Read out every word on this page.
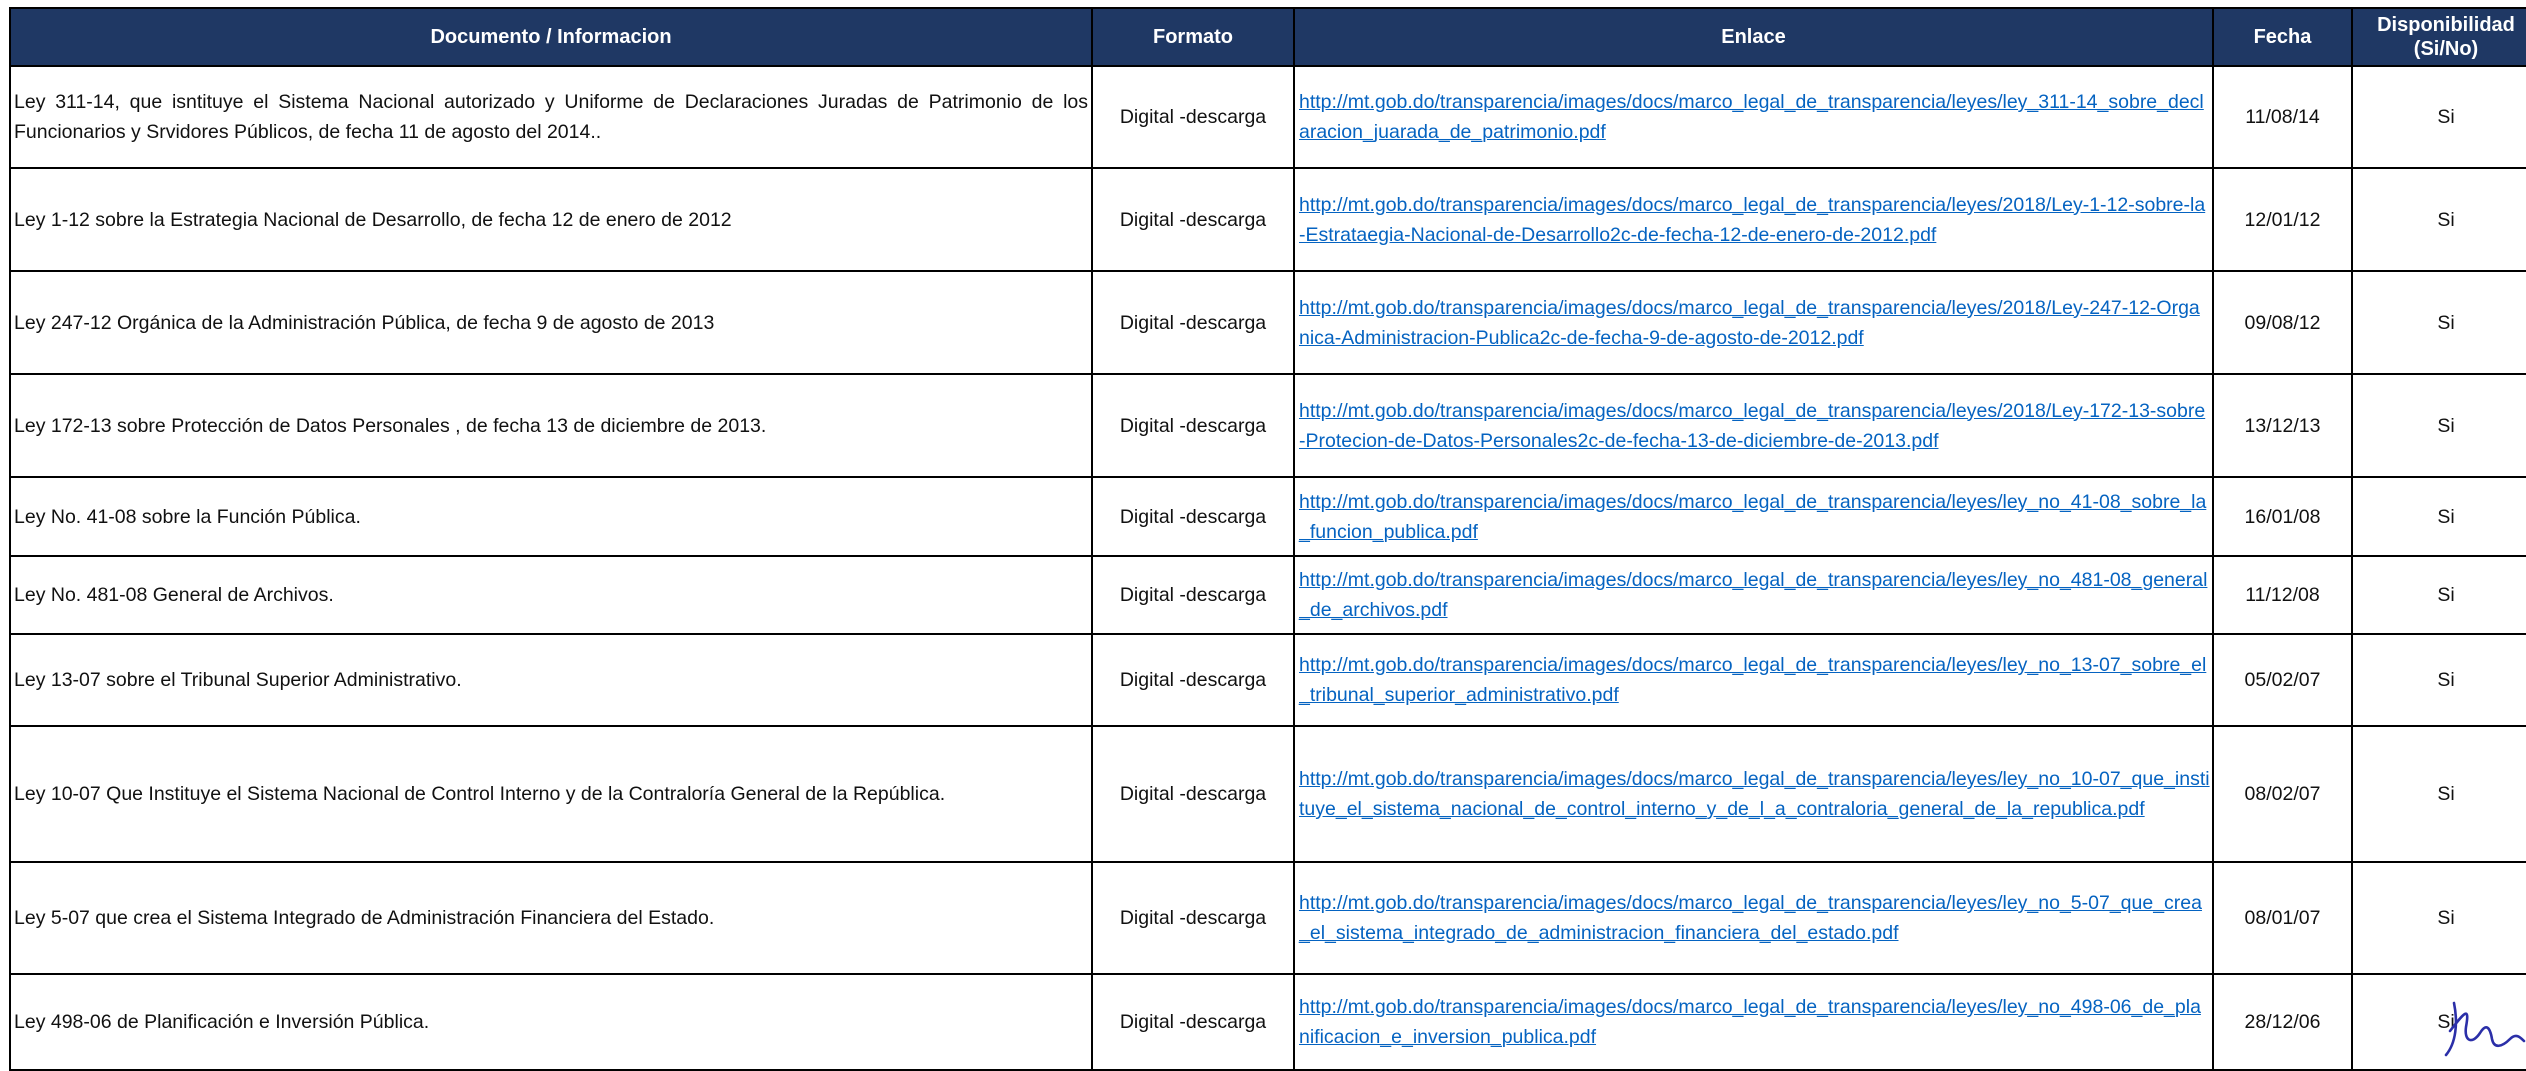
Documento / Informacion	Formato	Enlace	Fecha	Disponibilidad (Si/No)
Ley 311-14, que isntituye el Sistema Nacional autorizado y Uniforme de Declaraciones Juradas de Patrimonio de los Funcionarios y Srvidores Públicos, de fecha 11 de agosto del 2014..	Digital -descarga	http://mt.gob.do/transparencia/images/docs/marco_legal_de_transparencia/leyes/ley_311-14_sobre_declaracion_juarada_de_patrimonio.pdf	11/08/14	Si
Ley 1-12 sobre la Estrategia Nacional de Desarrollo, de fecha 12 de enero de 2012	Digital -descarga	http://mt.gob.do/transparencia/images/docs/marco_legal_de_transparencia/leyes/2018/Ley-1-12-sobre-la-Estrataegia-Nacional-de-Desarrollo2c-de-fecha-12-de-enero-de-2012.pdf	12/01/12	Si
Ley 247-12 Orgánica de la Administración Pública, de fecha 9 de agosto de 2013	Digital -descarga	http://mt.gob.do/transparencia/images/docs/marco_legal_de_transparencia/leyes/2018/Ley-247-12-Organica-Administracion-Publica2c-de-fecha-9-de-agosto-de-2012.pdf	09/08/12	Si
Ley 172-13 sobre Protección de Datos Personales , de fecha 13 de diciembre de 2013.	Digital -descarga	http://mt.gob.do/transparencia/images/docs/marco_legal_de_transparencia/leyes/2018/Ley-172-13-sobre-Protecion-de-Datos-Personales2c-de-fecha-13-de-diciembre-de-2013.pdf	13/12/13	Si
Ley No. 41-08 sobre la Función Pública.	Digital -descarga	http://mt.gob.do/transparencia/images/docs/marco_legal_de_transparencia/leyes/ley_no_41-08_sobre_la_funcion_publica.pdf	16/01/08	Si
Ley No. 481-08 General de Archivos.	Digital -descarga	http://mt.gob.do/transparencia/images/docs/marco_legal_de_transparencia/leyes/ley_no_481-08_general_de_archivos.pdf	11/12/08	Si
Ley 13-07 sobre el Tribunal Superior Administrativo.	Digital -descarga	http://mt.gob.do/transparencia/images/docs/marco_legal_de_transparencia/leyes/ley_no_13-07_sobre_el_tribunal_superior_administrativo.pdf	05/02/07	Si
Ley 10-07 Que Instituye el Sistema Nacional de Control Interno y de la Contraloría General de la República.	Digital -descarga	http://mt.gob.do/transparencia/images/docs/marco_legal_de_transparencia/leyes/ley_no_10-07_que_instituye_el_sistema_nacional_de_control_interno_y_de_l_a_contraloria_general_de_la_republica.pdf	08/02/07	Si
Ley 5-07 que crea el Sistema Integrado de Administración Financiera del Estado.	Digital -descarga	http://mt.gob.do/transparencia/images/docs/marco_legal_de_transparencia/leyes/ley_no_5-07_que_crea_el_sistema_integrado_de_administracion_financiera_del_estado.pdf	08/01/07	Si
Ley 498-06 de Planificación e Inversión Pública.	Digital -descarga	http://mt.gob.do/transparencia/images/docs/marco_legal_de_transparencia/leyes/ley_no_498-06_de_planificacion_e_inversion_publica.pdf	28/12/06	Si
